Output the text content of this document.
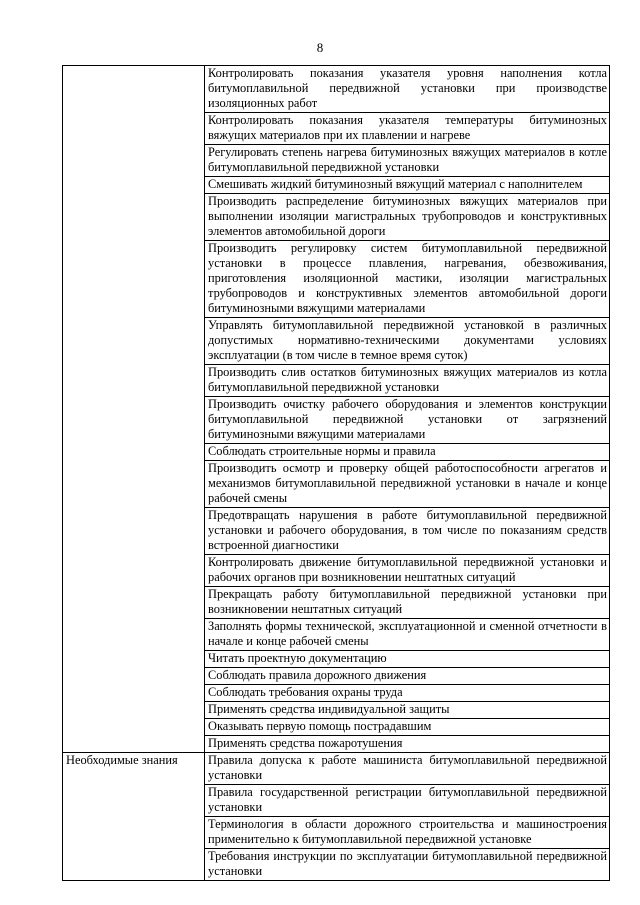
8

	Контролировать показания указателя уровня наполнения котла битумоплавильной передвижной установки при производстве изоляционных работ

	Контролировать показания указателя температуры битуминозных вяжущих материалов при их плавлении и нагреве

	Регулировать степень нагрева битуминозных вяжущих материалов в котле битумоплавильной передвижной установки

	Смешивать жидкий битуминозный вяжущий материал с наполнителем

	Производить распределение битуминозных вяжущих материалов при выполнении изоляции магистральных трубопроводов и конструктивных элементов автомобильной дороги

	Производить регулировку систем битумоплавильной передвижной установки в процессе плавления, нагревания, обезвоживания, приготовления изоляционной мастики, изоляции магистральных трубопроводов и конструктивных элементов автомобильной дороги битуминозными вяжущими материалами

	Управлять битумоплавильной передвижной установкой в различных допустимых нормативно-техническими документами условиях эксплуатации (в том числе в темное время суток)

	Производить слив остатков битуминозных вяжущих материалов из котла битумоплавильной передвижной установки

	Производить очистку рабочего оборудования и элементов конструкции битумоплавильной передвижной установки от загрязнений битуминозными вяжущими материалами

	Соблюдать строительные нормы и правила

	Производить осмотр и проверку общей работоспособности агрегатов и механизмов битумоплавильной передвижной установки в начале и конце рабочей смены

	Предотвращать нарушения в работе битумоплавильной передвижной установки и рабочего оборудования, в том числе по показаниям средств встроенной диагностики

	Контролировать движение битумоплавильной передвижной установки и рабочих органов при возникновении нештатных ситуаций

	Прекращать работу битумоплавильной передвижной установки при возникновении нештатных ситуаций

	Заполнять формы технической, эксплуатационной и сменной отчетности в начале и конце рабочей смены

	Читать проектную документацию

	Соблюдать правила дорожного движения

	Соблюдать требования охраны труда

	Применять средства индивидуальной защиты

	Оказывать первую помощь пострадавшим

	Применять средства пожаротушения

Необходимые знания	Правила допуска к работе машиниста битумоплавильной передвижной установки

	Правила государственной регистрации битумоплавильной передвижной установки

	Терминология в области дорожного строительства и машиностроения применительно к битумоплавильной передвижной установке

	Требования инструкции по эксплуатации битумоплавильной передвижной установки
